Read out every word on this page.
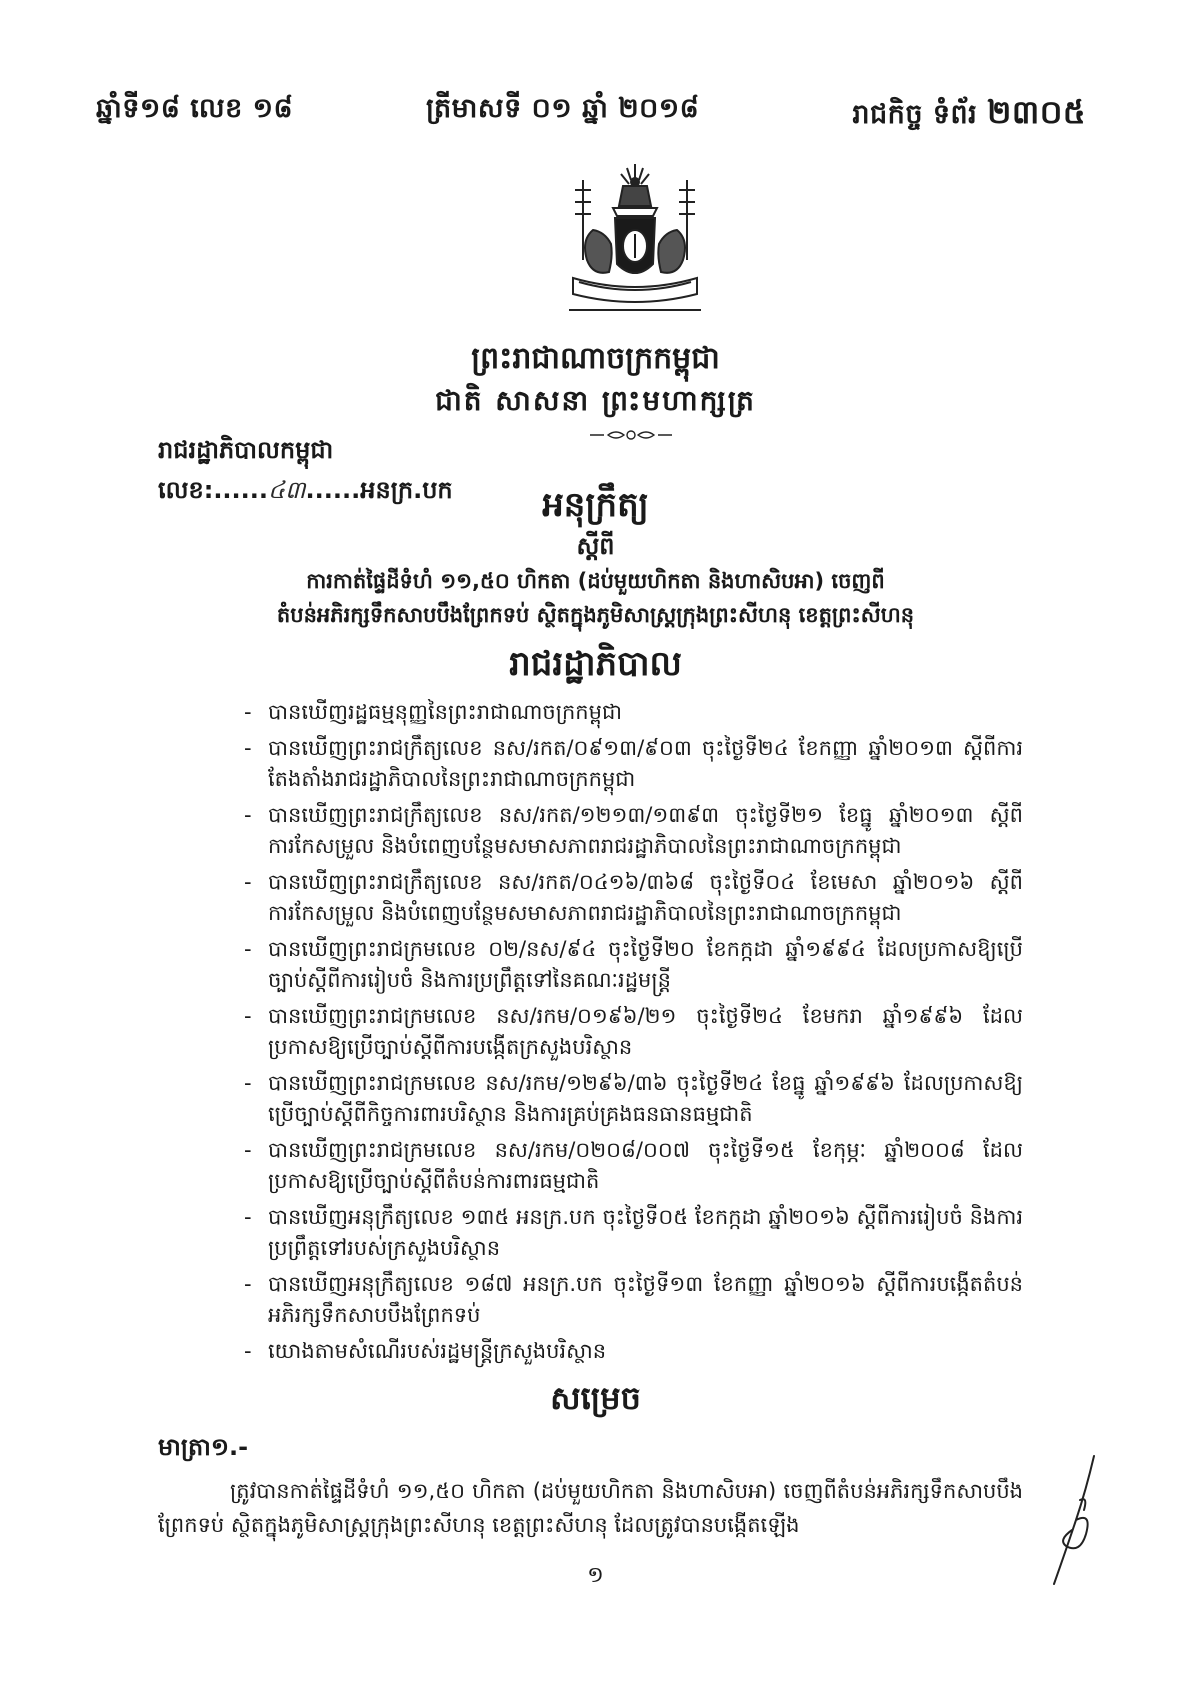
ឆ្នាំទី១៨ លេខ ១៨	ត្រីមាសទី ០១ ឆ្នាំ ២០១៨	រាជកិច្ច ទំព័រ ២៣០៥
ព្រះរាជាណាចក្រកម្ពុជា
ជាតិ សាសនា ព្រះមហាក្សត្រ
រាជរដ្ឋាភិបាលកម្ពុជា
លេខ:......៤៣......អនក្រ.បក	អនុក្រឹត្យ
ស្ដីពី
ការកាត់ផ្ទៃដីទំហំ ១១,៥០ ហិកតា (ដប់មួយហិកតា និងហាសិបអា) ចេញពី
តំបន់អភិរក្សទឹកសាបបឹងព្រែកទប់ ស្ថិតក្នុងភូមិសាស្ត្រក្រុងព្រះសីហនុ ខេត្តព្រះសីហនុ
រាជរដ្ឋាភិបាល
- បានឃើញរដ្ឋធម្មនុញ្ញនៃព្រះរាជាណាចក្រកម្ពុជា
- បានឃើញព្រះរាជក្រឹត្យលេខ នស/រកត/០៩១៣/៩០៣ ចុះថ្ងៃទី២៤ ខែកញ្ញា ឆ្នាំ២០១៣ ស្ដីពីការតែងតាំងរាជរដ្ឋាភិបាលនៃព្រះរាជាណាចក្រកម្ពុជា
- បានឃើញព្រះរាជក្រឹត្យលេខ នស/រកត/១២១៣/១៣៩៣ ចុះថ្ងៃទី២១ ខែធ្នូ ឆ្នាំ២០១៣ ស្ដីពីការកែសម្រួល និងបំពេញបន្ថែមសមាសភាពរាជរដ្ឋាភិបាលនៃព្រះរាជាណាចក្រកម្ពុជា
- បានឃើញព្រះរាជក្រឹត្យលេខ នស/រកត/០៤១៦/៣៦៨ ចុះថ្ងៃទី០៤ ខែមេសា ឆ្នាំ២០១៦ ស្ដីពីការកែសម្រួល និងបំពេញបន្ថែមសមាសភាពរាជរដ្ឋាភិបាលនៃព្រះរាជាណាចក្រកម្ពុជា
- បានឃើញព្រះរាជក្រមលេខ ០២/នស/៩៤ ចុះថ្ងៃទី២០ ខែកក្កដា ឆ្នាំ១៩៩៤ ដែលប្រកាសឱ្យប្រើច្បាប់ស្ដីពីការរៀបចំ និងការប្រព្រឹត្តទៅនៃគណៈរដ្ឋមន្ត្រី
- បានឃើញព្រះរាជក្រមលេខ នស/រកម/០១៩៦/២១ ចុះថ្ងៃទី២៤ ខែមករា ឆ្នាំ១៩៩៦ ដែលប្រកាសឱ្យប្រើច្បាប់ស្ដីពីការបង្កើតក្រសួងបរិស្ថាន
- បានឃើញព្រះរាជក្រមលេខ នស/រកម/១២៩៦/៣៦ ចុះថ្ងៃទី២៤ ខែធ្នូ ឆ្នាំ១៩៩៦ ដែលប្រកាសឱ្យប្រើច្បាប់ស្ដីពីកិច្ចការពារបរិស្ថាន និងការគ្រប់គ្រងធនធានធម្មជាតិ
- បានឃើញព្រះរាជក្រមលេខ នស/រកម/០២០៨/០០៧ ចុះថ្ងៃទី១៥ ខែកុម្ភៈ ឆ្នាំ២០០៨ ដែលប្រកាសឱ្យប្រើច្បាប់ស្ដីពីតំបន់ការពារធម្មជាតិ
- បានឃើញអនុក្រឹត្យលេខ ១៣៥ អនក្រ.បក ចុះថ្ងៃទី០៥ ខែកក្កដា ឆ្នាំ២០១៦ ស្ដីពីការរៀបចំ និងការប្រព្រឹត្តទៅរបស់ក្រសួងបរិស្ថាន
- បានឃើញអនុក្រឹត្យលេខ ១៨៧ អនក្រ.បក ចុះថ្ងៃទី១៣ ខែកញ្ញា ឆ្នាំ២០១៦ ស្ដីពីការបង្កើតតំបន់អភិរក្សទឹកសាបបឹងព្រែកទប់
- យោងតាមសំណើរបស់រដ្ឋមន្ត្រីក្រសួងបរិស្ថាន
សម្រេច
មាត្រា១.-
ត្រូវបានកាត់ផ្ទៃដីទំហំ ១១,៥០ ហិកតា (ដប់មួយហិកតា និងហាសិបអា) ចេញពីតំបន់អភិរក្សទឹកសាបបឹងព្រែកទប់ ស្ថិតក្នុងភូមិសាស្ត្រក្រុងព្រះសីហនុ ខេត្តព្រះសីហនុ ដែលត្រូវបានបង្កើតឡើង
១
